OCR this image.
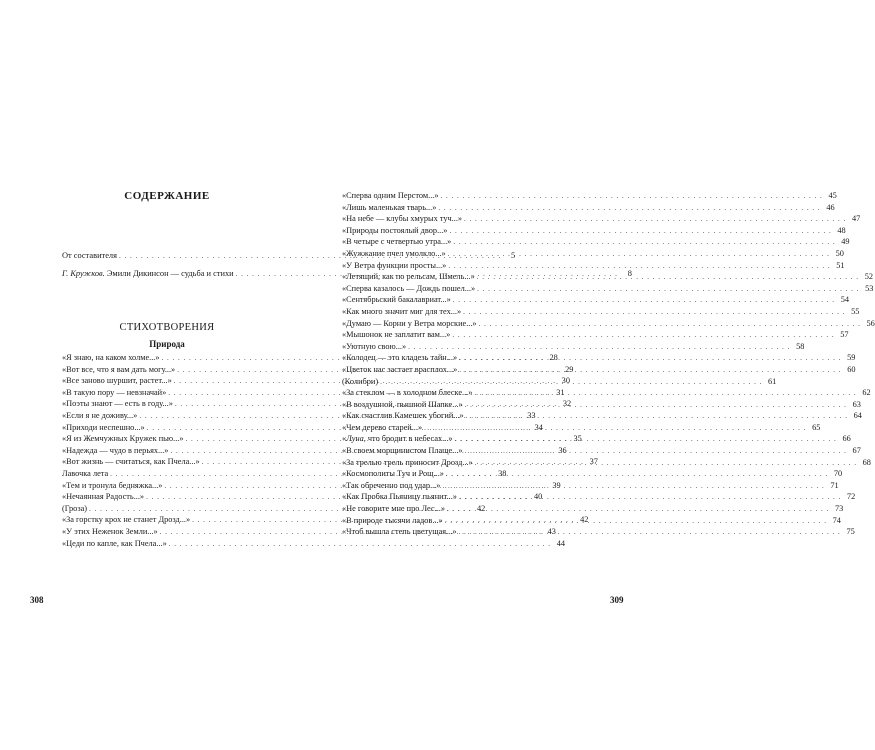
СОДЕРЖАНИЕ
От составителя . . .	5
Г. Кружков. Эмили Дикинсон — судьба и стихи . . .	8
СТИХОТВОРЕНИЯ
Природа
«Я знаю, на каком холме...» . . .	28
«Вот все, что я вам дать могу...» . . .	29
«Все заново шуршит, растет...» . . .	30
«В такую пору — невзначай» . . .	31
«Поэты знают — есть в году...» . . .	32
«Если я не доживу...» . . .	33
«Приходи неспешно...» . . .	34
«Я из Жемчужных Кружек пью...» . . .	35
«Надежда — чудо в перьях...» . . .	36
«Вот жизнь — считаться, как Пчела...» . . .	37
Лавочка лета . . .	38
«Тем и тронула бедняжка...» . . .	39
«Нечаянная Радость...» . . .	40
(Гроза) . . .	42
«За горстку крох не станет Дрозд...» . . .	42
«У этих Неженок Земли...» . . .	43
«Цеди по капле, как Пчела...» . . .	44
308
«Сперва одним Перстом...» . . .	45
«Лишь маленькая тварь...» . . .	46
«На небе — клубы хмурых туч...» . . .	47
«Природы постоялый двор...» . . .	48
«В четыре с четвертью утра...» . . .	49
«Жужжание пчел умолкло...» . . .	50
«У Ветра функции просты...» . . .	51
«Летящий, как по рельсам, Шмель...» . . .	52
«Сперва казалось — Дождь пошел...» . . .	53
«Сентябрьский бакалавриат...» . . .	54
«Как много значит миг для тех...» . . .	55
«Думаю — Корни у Ветра морские...» . . .	56
«Мышонок не заплатит вам...» . . .	57
«Уютную свою...» . . .	58
«Колодец — это кладезь тайн...» . . .	59
«Цветок нас застает врасплох...» . . .	60
(Колибри) . . .	61
«За стеклом — в холодном блеске...» . . .	62
«В воздушной, пышной Шапке...» . . .	63
«Как счастлив Камешек убогий...» . . .	64
«Чем дерево старей...» . . .	65
«Луна, что бродит в небесах...» . . .	66
«В своем морщинистом Плаще...» . . .	67
«За трелью трель приносит Дрозд...» . . .	68
«Космополиты Туч и Рощ...» . . .	70
«Так обреченно под удар...» . . .	71
«Как Пробка Пьяницу пьянит...» . . .	72
«Не говорите мне про Лес...» . . .	73
«В природе тысячи ладов...» . . .	74
«Чтоб вышла степь цветущая...» . . .	75
309
